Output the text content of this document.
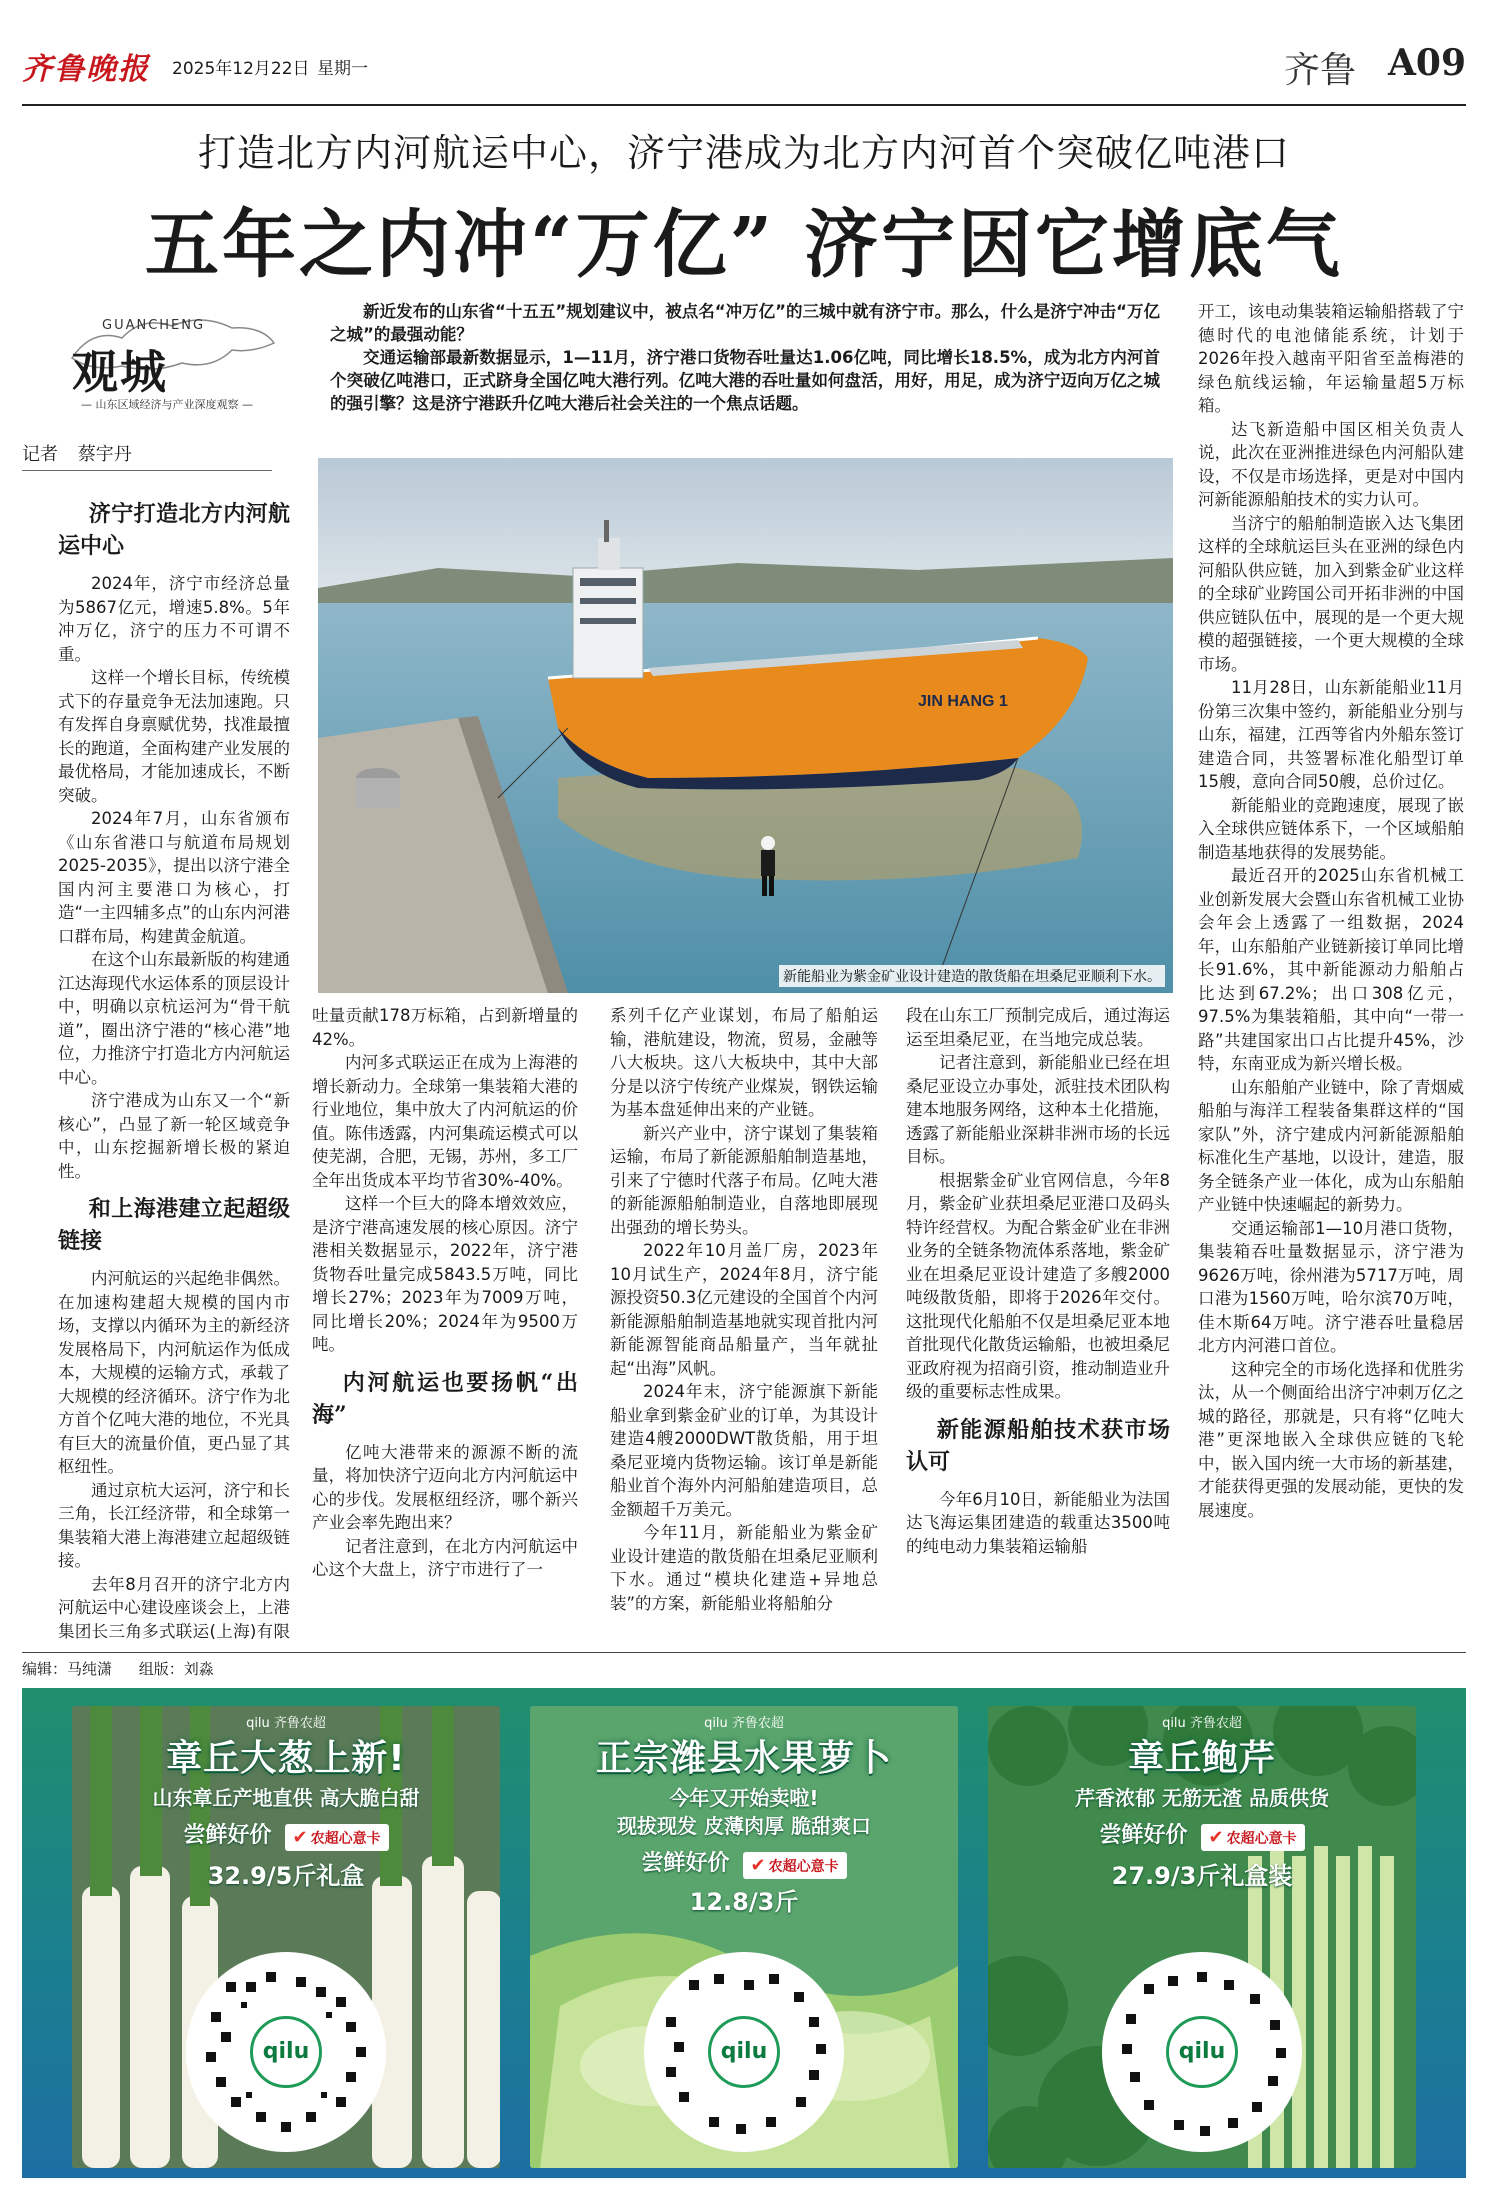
齐鲁晚报 2025年12月22日 星期一	齐鲁 A09
打造北方内河航运中心，济宁港成为北方内河首个突破亿吨港口
五年之内冲“万亿” 济宁因它增底气
GUANCHENG
观城
— 山东区域经济与产业深度观察 —
记者 蔡宇丹

新近发布的山东省“十五五”规划建议中，被点名“冲万亿”的三城中就有济宁市。那么，什么是济宁冲击“万亿之城”的最强动能？

交通运输部最新数据显示，1—11月，济宁港口货物吞吐量达1.06亿吨，同比增长18.5%，成为北方内河首个突破亿吨港口，正式跻身全国亿吨大港行列。亿吨大港的吞吐量如何盘活，用好，用足，成为济宁迈向万亿之城的强引擎？这是济宁港跃升亿吨大港后社会关注的一个焦点话题。

JIN HANG 1
新能船业为紫金矿业设计建造的散货船在坦桑尼亚顺利下水。
济宁打造北方内河航运中心

2024年，济宁市经济总量为5867亿元，增速5.8%。5年冲万亿，济宁的压力不可谓不重。

这样一个增长目标，传统模式下的存量竞争无法加速跑。只有发挥自身禀赋优势，找准最擅长的跑道，全面构建产业发展的最优格局，才能加速成长，不断突破。

2024年7月，山东省颁布《山东省港口与航道布局规划2025-2035》，提出以济宁港全国内河主要港口为核心，打造“一主四辅多点”的山东内河港口群布局，构建黄金航道。

在这个山东最新版的构建通江达海现代水运体系的顶层设计中，明确以京杭运河为“骨干航道”，圈出济宁港的“核心港”地位，力推济宁打造北方内河航运中心。

济宁港成为山东又一个“新核心”，凸显了新一轮区域竞争中，山东挖掘新增长极的紧迫性。

和上海港建立起超级链接

内河航运的兴起绝非偶然。在加速构建超大规模的国内市场，支撑以内循环为主的新经济发展格局下，内河航运作为低成本，大规模的运输方式，承载了大规模的经济循环。济宁作为北方首个亿吨大港的地位，不光具有巨大的流量价值，更凸显了其枢纽性。

通过京杭大运河，济宁和长三角，长江经济带，和全球第一集装箱大港上海港建立起超级链接。

去年8月召开的济宁北方内河航运中心建设座谈会上，上港集团长三角多式联运(上海)有限

吐量贡献178万标箱，占到新增量的42%。

内河多式联运正在成为上海港的增长新动力。全球第一集装箱大港的行业地位，集中放大了内河航运的价值。陈伟透露，内河集疏运模式可以使芜湖，合肥，无锡，苏州，多工厂全年出货成本平均节省30%-40%。

这样一个巨大的降本增效效应，是济宁港高速发展的核心原因。济宁港相关数据显示，2022年，济宁港货物吞吐量完成5843.5万吨，同比增长27%；2023年为7009万吨，同比增长20%；2024年为9500万吨。

内河航运也要扬帆“出海”

亿吨大港带来的源源不断的流量，将加快济宁迈向北方内河航运中心的步伐。发展枢纽经济，哪个新兴产业会率先跑出来？

记者注意到，在北方内河航运中心这个大盘上，济宁市进行了一

系列千亿产业谋划，布局了船舶运输，港航建设，物流，贸易，金融等八大板块。这八大板块中，其中大部分是以济宁传统产业煤炭，钢铁运输为基本盘延伸出来的产业链。

新兴产业中，济宁谋划了集装箱运输，布局了新能源船舶制造基地，引来了宁德时代落子布局。亿吨大港的新能源船舶制造业，自落地即展现出强劲的增长势头。

2022年10月盖厂房，2023年10月试生产，2024年8月，济宁能源投资50.3亿元建设的全国首个内河新能源船舶制造基地就实现首批内河新能源智能商品船量产，当年就扯起“出海”风帆。

2024年末，济宁能源旗下新能船业拿到紫金矿业的订单，为其设计建造4艘2000DWT散货船，用于坦桑尼亚境内货物运输。该订单是新能船业首个海外内河船舶建造项目，总金额超千万美元。

今年11月，新能船业为紫金矿业设计建造的散货船在坦桑尼亚顺利下水。通过“模块化建造+异地总装”的方案，新能船业将船舶分

段在山东工厂预制完成后，通过海运运至坦桑尼亚，在当地完成总装。

记者注意到，新能船业已经在坦桑尼亚设立办事处，派驻技术团队构建本地服务网络，这种本土化措施，透露了新能船业深耕非洲市场的长远目标。

根据紫金矿业官网信息，今年8月，紫金矿业获坦桑尼亚港口及码头特许经营权。为配合紫金矿业在非洲业务的全链条物流体系落地，紫金矿业在坦桑尼亚设计建造了多艘2000吨级散货船，即将于2026年交付。这批现代化船舶不仅是坦桑尼亚本地首批现代化散货运输船，也被坦桑尼亚政府视为招商引资，推动制造业升级的重要标志性成果。

新能源船舶技术获市场认可

今年6月10日，新能船业为法国达飞海运集团建造的载重达3500吨的纯电动力集装箱运输船

开工，该电动集装箱运输船搭载了宁德时代的电池储能系统，计划于2026年投入越南平阳省至盖梅港的绿色航线运输，年运输量超5万标箱。

达飞新造船中国区相关负责人说，此次在亚洲推进绿色内河船队建设，不仅是市场选择，更是对中国内河新能源船舶技术的实力认可。

当济宁的船舶制造嵌入达飞集团这样的全球航运巨头在亚洲的绿色内河船队供应链，加入到紫金矿业这样的全球矿业跨国公司开拓非洲的中国供应链队伍中，展现的是一个更大规模的超强链接，一个更大规模的全球市场。

11月28日，山东新能船业11月份第三次集中签约，新能船业分别与山东，福建，江西等省内外船东签订建造合同，共签署标准化船型订单15艘，意向合同50艘，总价过亿。

新能船业的竞跑速度，展现了嵌入全球供应链体系下，一个区域船舶制造基地获得的发展势能。

最近召开的2025山东省机械工业创新发展大会暨山东省机械工业协会年会上透露了一组数据，2024年，山东船舶产业链新接订单同比增长91.6%，其中新能源动力船舶占比达到67.2%；出口308亿元，97.5%为集装箱船，其中向“一带一路”共建国家出口占比提升45%，沙特，东南亚成为新兴增长极。

山东船舶产业链中，除了青烟威船舶与海洋工程装备集群这样的“国家队”外，济宁建成内河新能源船舶标准化生产基地，以设计，建造，服务全链条产业一体化，成为山东船舶产业链中快速崛起的新势力。

交通运输部1—10月港口货物，集装箱吞吐量数据显示，济宁港为9626万吨，徐州港为5717万吨，周口港为1560万吨，哈尔滨70万吨，佳木斯64万吨。济宁港吞吐量稳居北方内河港口首位。

这种完全的市场化选择和优胜劣汰，从一个侧面给出济宁冲刺万亿之城的路径，那就是，只有将“亿吨大港”更深地嵌入全球供应链的飞轮中，嵌入国内统一大市场的新基建，才能获得更强的发展动能，更快的发展速度。

编辑：马纯潇 组版：刘淼
qilu 齐鲁农超
章丘大葱上新!
山东章丘产地直供 高大脆白甜
尝鲜好价 ✔ 农超心意卡
32.9/5斤礼盒
qilu
qilu 齐鲁农超
正宗潍县水果萝卜
今年又开始卖啦!
现拔现发 皮薄肉厚 脆甜爽口
尝鲜好价 ✔ 农超心意卡
12.8/3斤
qilu
qilu 齐鲁农超
章丘鲍芹
芹香浓郁 无筋无渣 品质供货
尝鲜好价 ✔ 农超心意卡
27.9/3斤礼盒装
qilu
